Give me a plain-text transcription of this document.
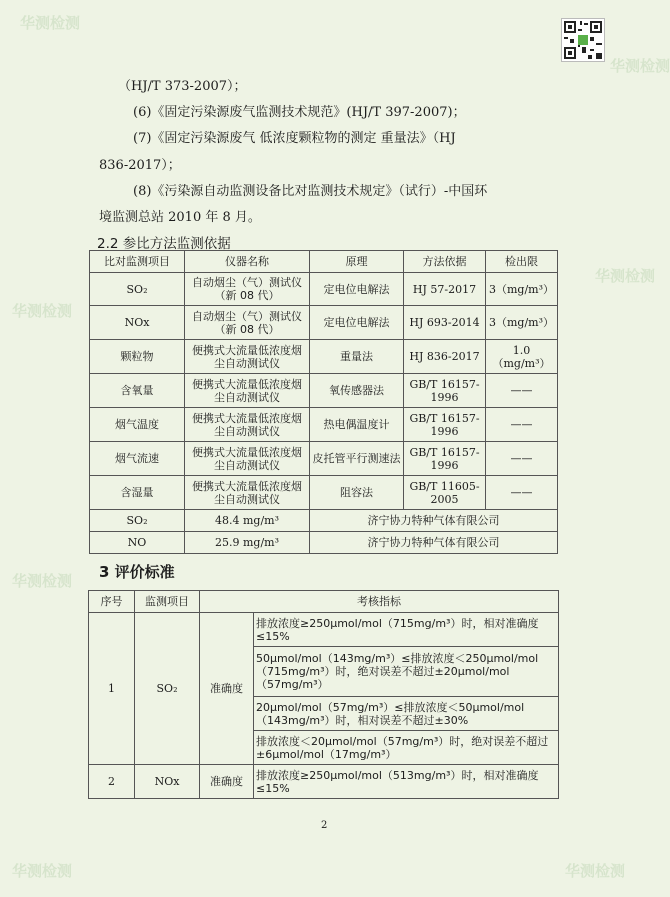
华测检测
华测检测
华测检测
华测检测
华测检测
华测检测	华测检测
（HJ/T 373-2007）；
(6)《固定污染源废气监测技术规范》(HJ/T 397-2007)；
(7)《固定污染源废气 低浓度颗粒物的测定 重量法》（HJ
836-2017）；
(8)《污染源自动监测设备比对监测技术规定》（试行）-中国环
境监测总站 2010 年 8 月。
2.2 参比方法监测依据
比对监测项目	仪器名称	原理	方法依据	检出限
SO₂	自动烟尘（气）测试仪（新 08 代）	定电位电解法	HJ 57-2017	3（mg/m³）
NOx	自动烟尘（气）测试仪（新 08 代）	定电位电解法	HJ 693-2014	3（mg/m³）
颗粒物	便携式大流量低浓度烟尘自动测试仪	重量法	HJ 836-2017	1.0（mg/m³）
含氧量	便携式大流量低浓度烟尘自动测试仪	氧传感器法	GB/T 16157-1996	——
烟气温度	便携式大流量低浓度烟尘自动测试仪	热电偶温度计	GB/T 16157-1996	——
烟气流速	便携式大流量低浓度烟尘自动测试仪	皮托管平行测速法	GB/T 16157-1996	——
含湿量	便携式大流量低浓度烟尘自动测试仪	阻容法	GB/T 11605-2005	——
SO₂	48.4 mg/m³	济宁协力特种气体有限公司		
NO	25.9 mg/m³	济宁协力特种气体有限公司		
3 评价标准
序号	监测项目	考核指标	
1	SO₂	准确度	排放浓度≥250μmol/mol（715mg/m³）时，相对准确度≤15%
			50μmol/mol（143mg/m³）≤排放浓度＜250μmol/mol（715mg/m³）时，绝对误差不超过±20μmol/mol（57mg/m³）
			20μmol/mol（57mg/m³）≤排放浓度＜50μmol/mol（143mg/m³）时，相对误差不超过±30%
			排放浓度＜20μmol/mol（57mg/m³）时，绝对误差不超过±6μmol/mol（17mg/m³）
2	NOx	准确度	排放浓度≥250μmol/mol（513mg/m³）时，相对准确度≤15%
2
